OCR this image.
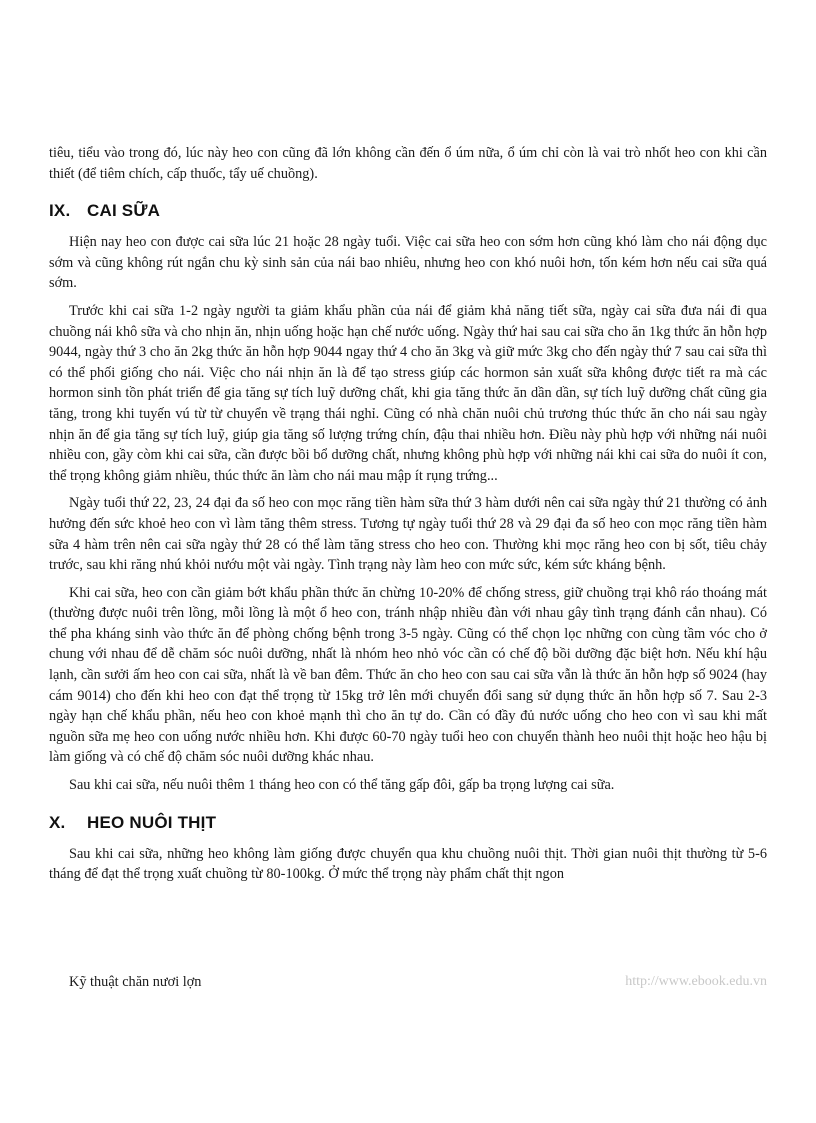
tiêu, tiểu vào trong đó, lúc này heo con cũng đã lớn không cần đến ổ úm nữa, ổ úm chỉ còn là vai trò nhốt heo con khi cần thiết (để tiêm chích, cấp thuốc, tẩy uế chuồng).

IX. CAI SỮA

Hiện nay heo con được cai sữa lúc 21 hoặc 28 ngày tuổi. Việc cai sữa heo con sớm hơn cũng khó làm cho nái động dục sớm và cũng không rút ngắn chu kỳ sinh sản của nái bao nhiêu, nhưng heo con khó nuôi hơn, tốn kém hơn nếu cai sữa quá sớm.

Trước khi cai sữa 1-2 ngày người ta giảm khẩu phần của nái để giảm khả năng tiết sữa, ngày cai sữa đưa nái đi qua chuồng nái khô sữa và cho nhịn ăn, nhịn uống hoặc hạn chế nước uống. Ngày thứ hai sau cai sữa cho ăn 1kg thức ăn hỗn hợp 9044, ngày thứ 3 cho ăn 2kg thức ăn hỗn hợp 9044 ngay thứ 4 cho ăn 3kg và giữ mức 3kg cho đến ngày thứ 7 sau cai sữa thì có thể phối giống cho nái. Việc cho nái nhịn ăn là để tạo stress giúp các hormon sản xuất sữa không được tiết ra mà các hormon sinh tồn phát triển để gia tăng sự tích luỹ dưỡng chất, khi gia tăng thức ăn dần dần, sự tích luỹ dưỡng chất cũng gia tăng, trong khi tuyến vú từ từ chuyển về trạng thái nghỉ. Cũng có nhà chăn nuôi chủ trương thúc thức ăn cho nái sau ngày nhịn ăn để gia tăng sự tích luỹ, giúp gia tăng số lượng trứng chín, đậu thai nhiều hơn. Điều này phù hợp với những nái nuôi nhiều con, gầy còm khi cai sữa, cần được bồi bổ dưỡng chất, nhưng không phù hợp với những nái khi cai sữa do nuôi ít con, thể trọng không giảm nhiều, thúc thức ăn làm cho nái mau mập ít rụng trứng...

Ngày tuổi thứ 22, 23, 24 đại đa số heo con mọc răng tiền hàm sữa thứ 3 hàm dưới nên cai sữa ngày thứ 21 thường có ảnh hưởng đến sức khoẻ heo con vì làm tăng thêm stress. Tương tự ngày tuổi thứ 28 và 29 đại đa số heo con mọc răng tiền hàm sữa 4 hàm trên nên cai sữa ngày thứ 28 có thể làm tăng stress cho heo con. Thường khi mọc răng heo con bị sốt, tiêu chảy trước, sau khi răng nhú khỏi nướu một vài ngày. Tình trạng này làm heo con mức sức, kém sức kháng bệnh.

Khi cai sữa, heo con cần giảm bớt khẩu phần thức ăn chừng 10-20% để chống stress, giữ chuồng trại khô ráo thoáng mát (thường được nuôi trên lồng, mỗi lồng là một ổ heo con, tránh nhập nhiều đàn với nhau gây tình trạng đánh cắn nhau). Có thể pha kháng sinh vào thức ăn để phòng chống bệnh trong 3-5 ngày. Cũng có thể chọn lọc những con cùng tầm vóc cho ở chung với nhau để dễ chăm sóc nuôi dưỡng, nhất là nhóm heo nhỏ vóc cần có chế độ bồi dưỡng đặc biệt hơn. Nếu khí hậu lạnh, cần sưởi ấm heo con cai sữa, nhất là về ban đêm. Thức ăn cho heo con sau cai sữa vẫn là thức ăn hỗn hợp số 9024 (hay cám 9014) cho đến khi heo con đạt thể trọng từ 15kg trở lên mới chuyển đổi sang sử dụng thức ăn hỗn hợp số 7. Sau 2-3 ngày hạn chế khẩu phần, nếu heo con khoẻ mạnh thì cho ăn tự do. Cần có đầy đủ nước uống cho heo con vì sau khi mất nguồn sữa mẹ heo con uống nước nhiều hơn. Khi được 60-70 ngày tuổi heo con chuyển thành heo nuôi thịt hoặc heo hậu bị làm giống và có chế độ chăm sóc nuôi dưỡng khác nhau.

Sau khi cai sữa, nếu nuôi thêm 1 tháng heo con có thể tăng gấp đôi, gấp ba trọng lượng cai sữa.

X. HEO NUÔI THỊT

Sau khi cai sữa, những heo không làm giống được chuyển qua khu chuồng nuôi thịt. Thời gian nuôi thịt thường từ 5-6 tháng để đạt thể trọng xuất chuồng từ 80-100kg. Ở mức thể trọng này phẩm chất thịt ngon

Kỹ thuật chăn nươi lợn	http://www.ebook.edu.vn
